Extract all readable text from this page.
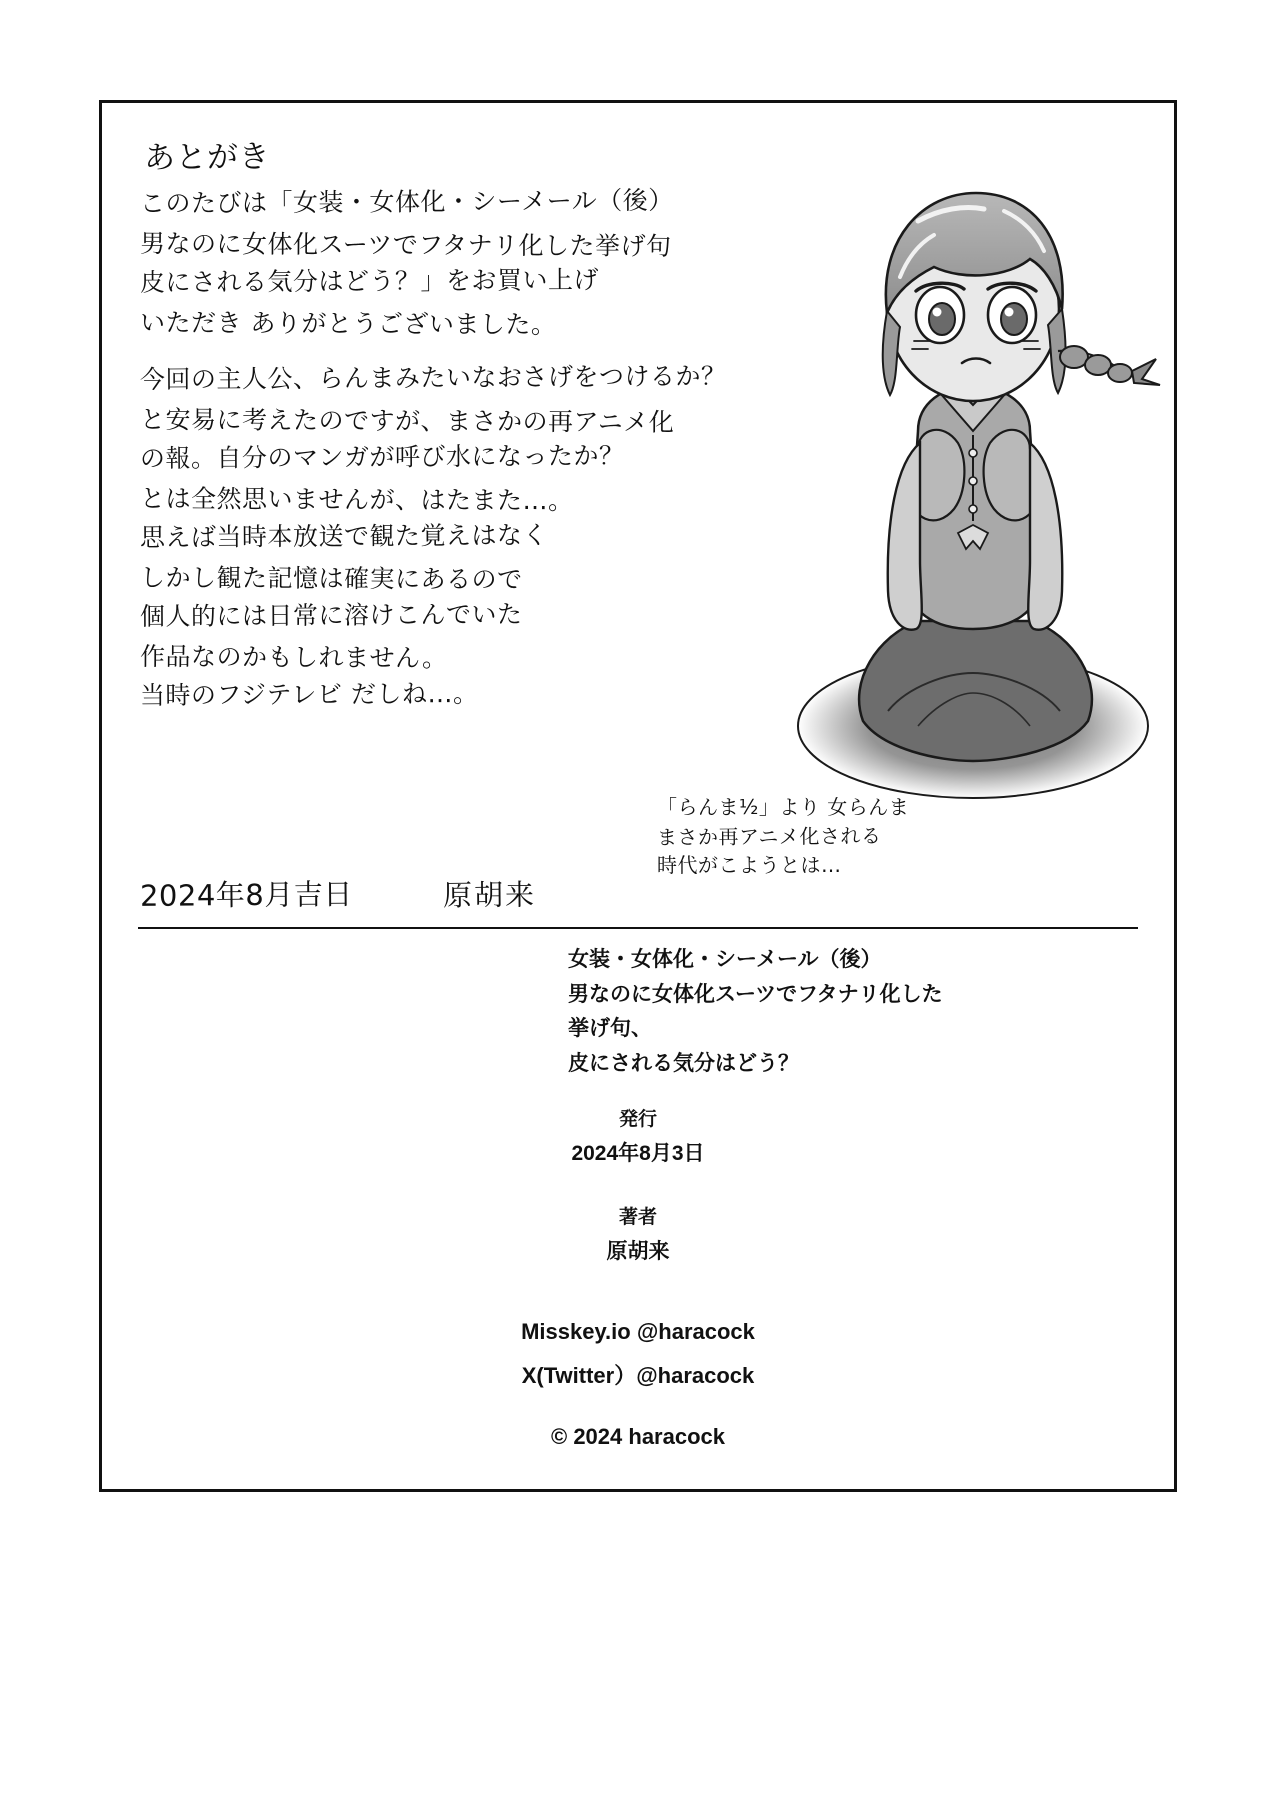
あとがき
このたびは「女装・女体化・シーメール（後）
男なのに女体化スーツでフタナリ化した挙げ句
皮にされる気分はどう？」をお買い上げ
いただき ありがとうございました。
今回の主人公、らんまみたいなおさげをつけるか？
と安易に考えたのですが、まさかの再アニメ化
の報。自分のマンガが呼び水になったか？
とは全然思いませんが、はたまた…。
思えば当時本放送で観た覚えはなく
しかし観た記憶は確実にあるので
個人的には日常に溶けこんでいた
作品なのかもしれません。
当時のフジテレビ だしね…。
「らんま½」より 女らんま
まさか再アニメ化される
時代がこようとは…
2024年8月吉日	原胡来
女装・女体化・シーメール（後）
男なのに女体化スーツでフタナリ化した挙げ句、
皮にされる気分はどう？
発行
2024年8月3日
著者
原胡来
Misskey.io @haracock
X(Twitter）@haracock
© 2024 haracock
